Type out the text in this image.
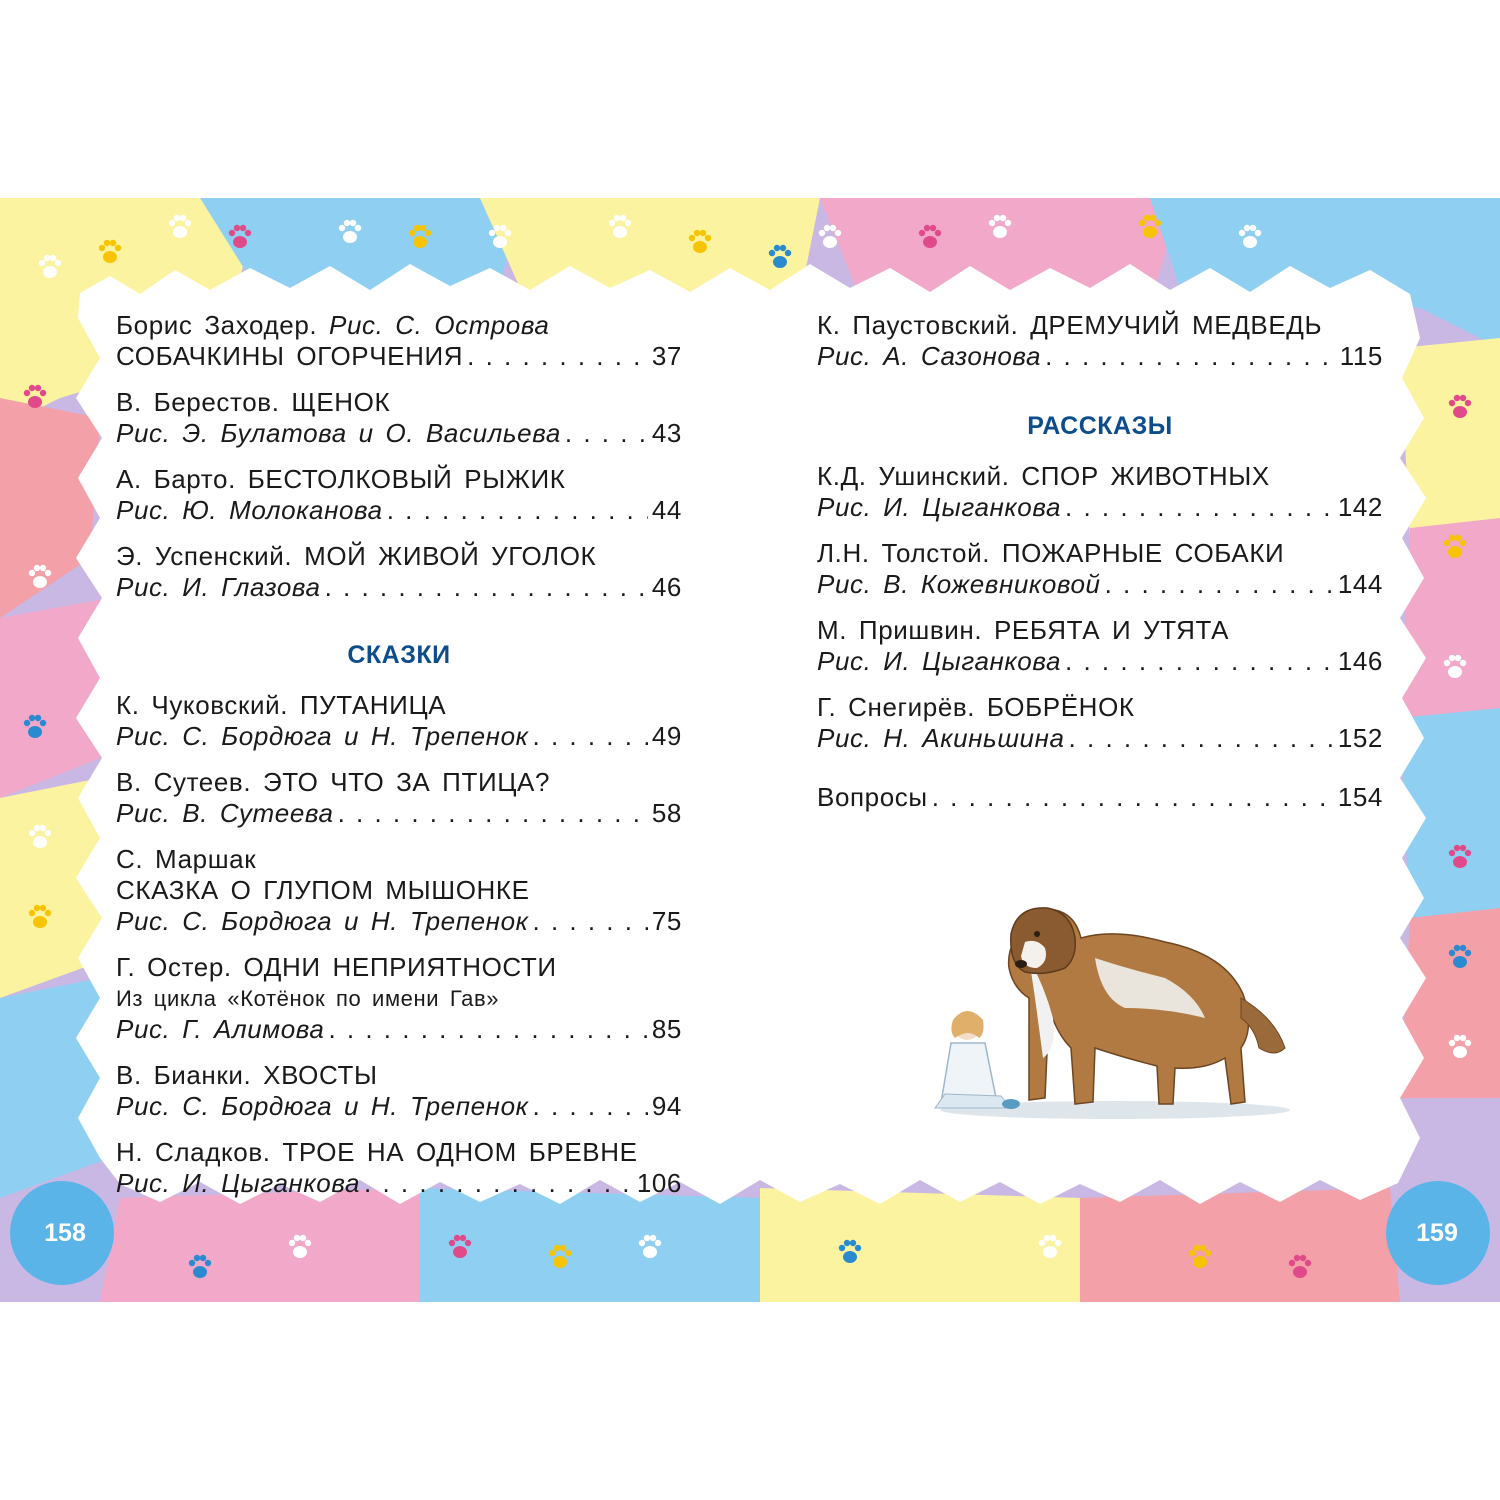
158	159
Борис Заходер. Рис. С. Острова
СОБАЧКИНЫ ОГОРЧЕНИЯ . . .	37
В. Берестов. ЩЕНОК
Рис. Э. Булатова и О. Васильева . . .	43
А. Барто. БЕСТОЛКОВЫЙ РЫЖИК
Рис. Ю. Молоканова . . .	44
Э. Успенский. МОЙ ЖИВОЙ УГОЛОК
Рис. И. Глазова . . .	46
СКАЗКИ
К. Чуковский. ПУТАНИЦА
Рис. С. Бордюга и Н. Трепенок . . .	49
В. Сутеев. ЭТО ЧТО ЗА ПТИЦА?
Рис. В. Сутеева . . .	58
С. Маршак
СКАЗКА О ГЛУПОМ МЫШОНКЕ
Рис. С. Бордюга и Н. Трепенок . . .	75
Г. Остер. ОДНИ НЕПРИЯТНОСТИ
Из цикла «Котёнок по имени Гав»
Рис. Г. Алимова . . .	85
В. Бианки. ХВОСТЫ
Рис. С. Бордюга и Н. Трепенок . . .	94
Н. Сладков. ТРОЕ НА ОДНОМ БРЕВНЕ
Рис. И. Цыганкова . . .	106
К. Паустовский. ДРЕМУЧИЙ МЕДВЕДЬ
Рис. А. Сазонова . . .	115
РАССКАЗЫ
К.Д. Ушинский. СПОР ЖИВОТНЫХ
Рис. И. Цыганкова . . .	142
Л.Н. Толстой. ПОЖАРНЫЕ СОБАКИ
Рис. В. Кожевниковой . . .	144
М. Пришвин. РЕБЯТА И УТЯТА
Рис. И. Цыганкова . . .	146
Г. Снегирёв. БОБРЁНОК
Рис. Н. Акиньшина . . .	152
Вопросы . . .	154
